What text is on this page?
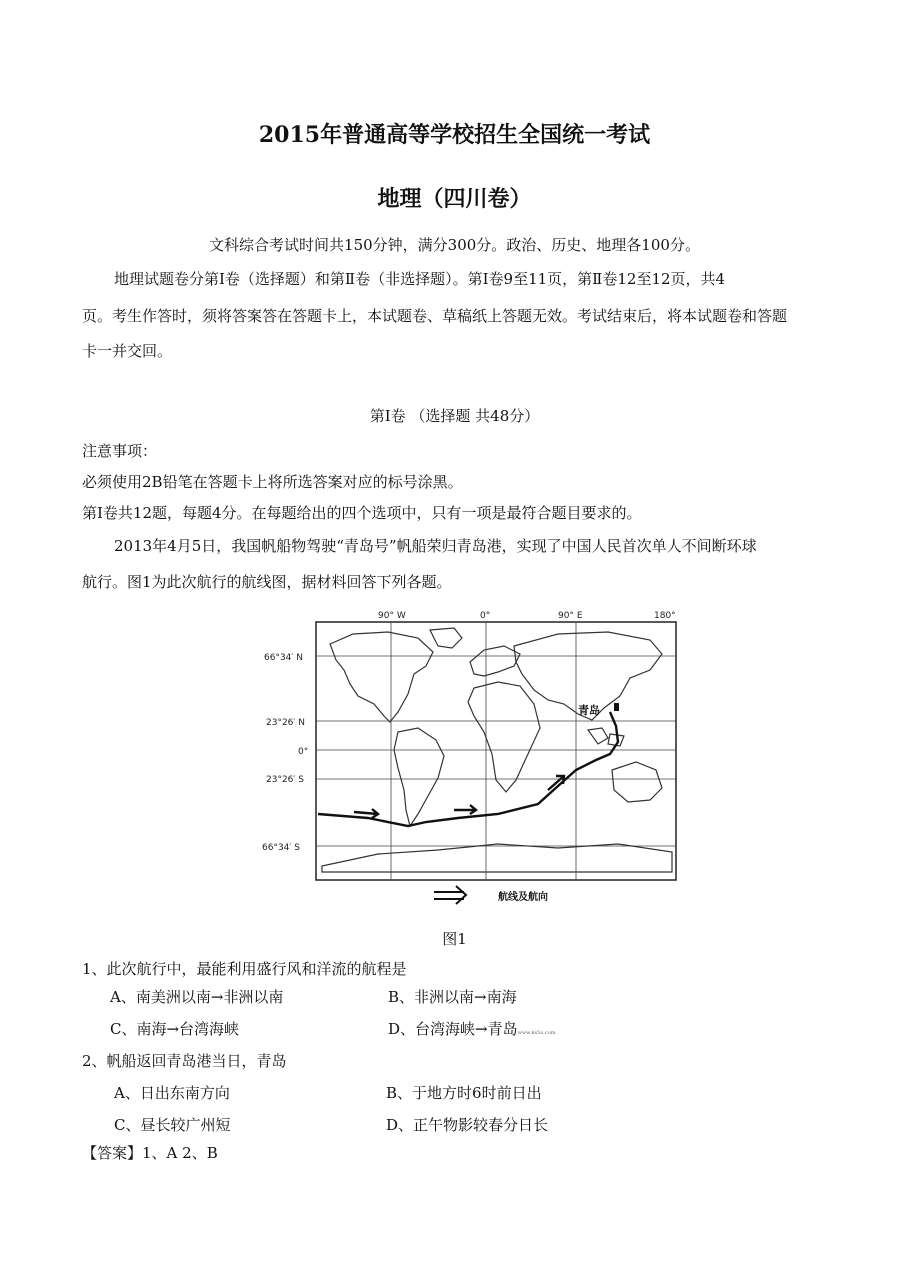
2015年普通高等学校招生全国统一考试
地理（四川卷）
文科综合考试时间共150分钟，满分300分。政治、历史、地理各100分。
地理试题卷分第Ⅰ卷（选择题）和第Ⅱ卷（非选择题）。第Ⅰ卷9至11页，第Ⅱ卷12至12页，共4
页。考生作答时，须将答案答在答题卡上，本试题卷、草稿纸上答题无效。考试结束后，将本试题卷和答题
卡一并交回。
第Ⅰ卷 （选择题 共48分）
注意事项：
必须使用2B铅笔在答题卡上将所选答案对应的标号涂黑。
第Ⅰ卷共12题，每题4分。在每题给出的四个选项中，只有一项是最符合题目要求的。
2013年4月5日，我国帆船物驾驶“青岛号”帆船荣归青岛港，实现了中国人民首次单人不间断环球
航行。图1为此次航行的航线图，据材料回答下列各题。
90° W	0°	90° E	180°
66°34′ N
23°26′ N
0°
23°26′ S
66°34′ S
青岛
航线及航向
图1
1、此次航行中，最能利用盛行风和洋流的航程是
A、南美洲以南→非洲以南	B、非洲以南→南海
C、南海→台湾海峡	D、台湾海峡→青岛www.ks5u.com
2、帆船返回青岛港当日，青岛
A、日出东南方向	B、于地方时6时前日出
C、昼长较广州短	D、正午物影较春分日长
【答案】1、A 2、B
